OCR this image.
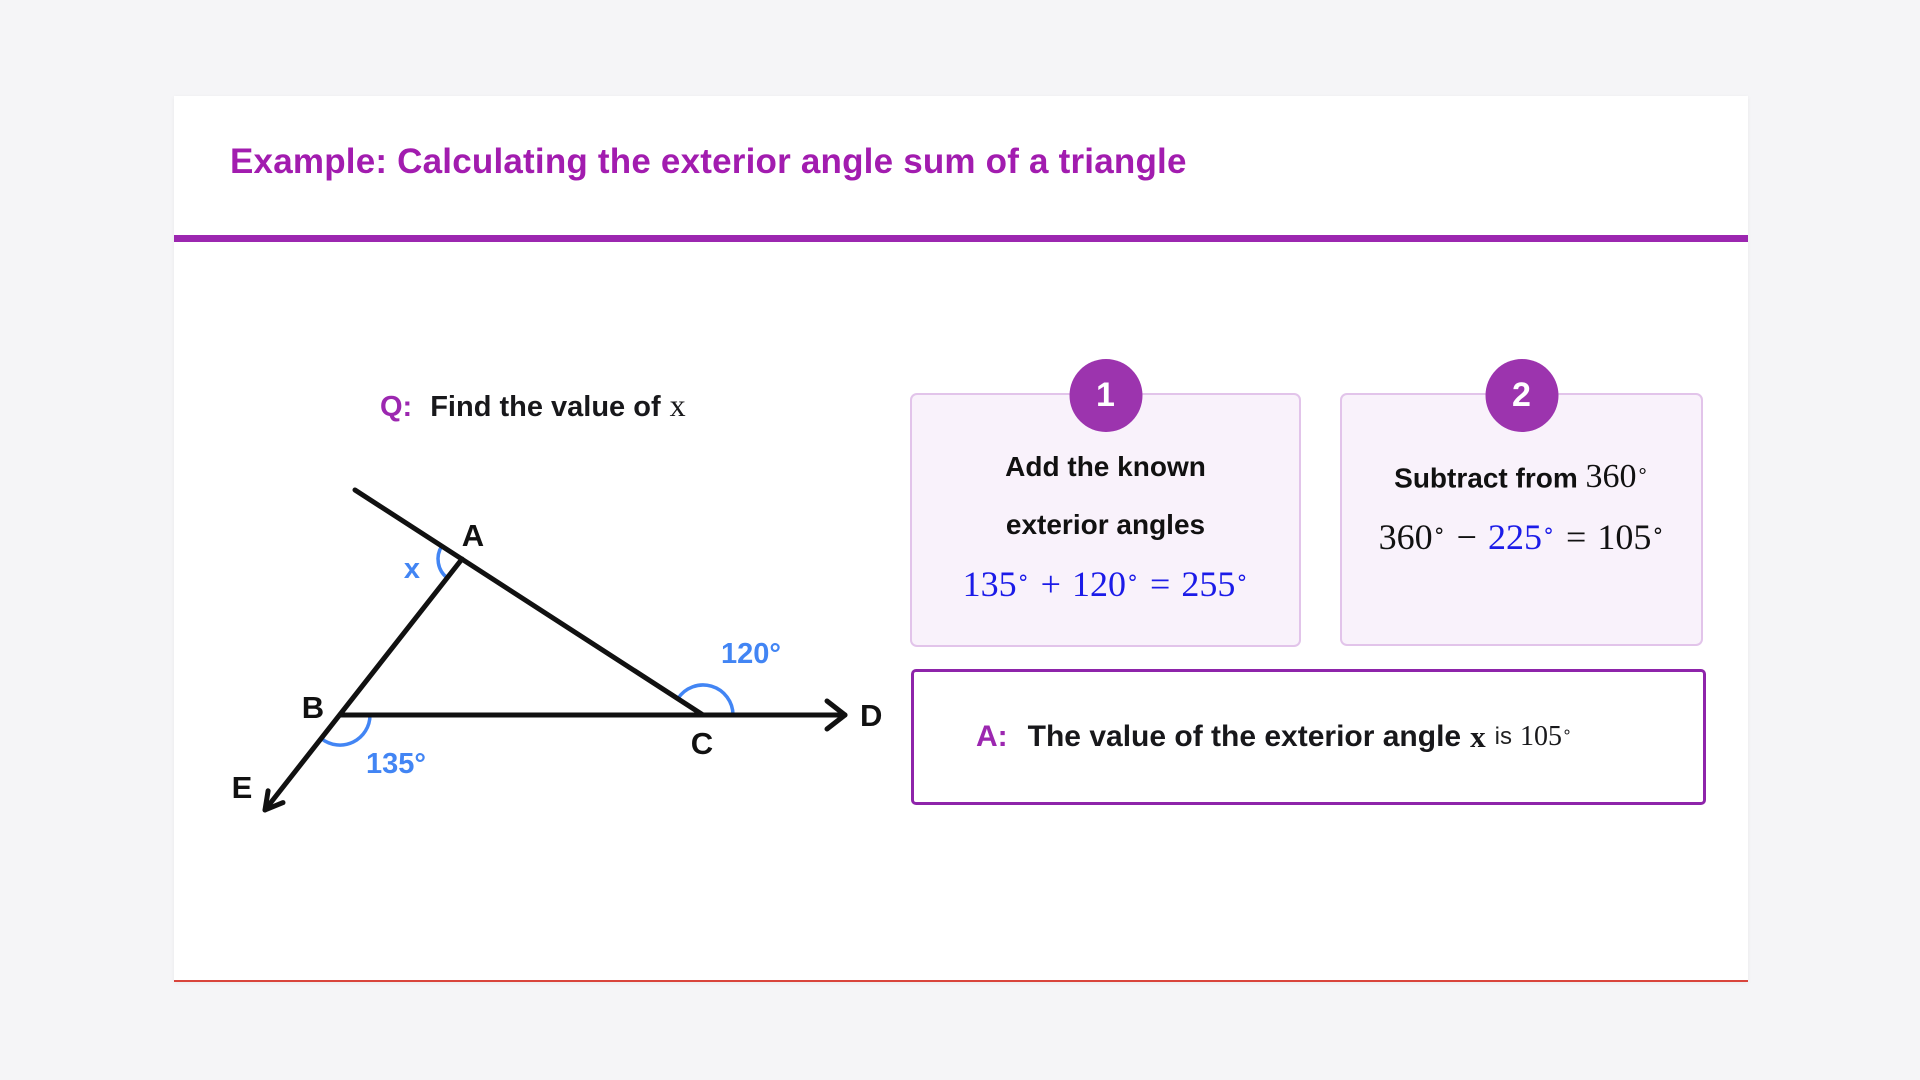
Example: Calculating the exterior angle sum of a triangle
Q: Find the value of x
A
B
C
D
E
x
135°
120°
1
Add the known
exterior angles
135∘ + 120∘ = 255∘
2
Subtract from 360∘
360∘ − 225∘ = 105∘
A: The value of the exterior angle x is 105∘
